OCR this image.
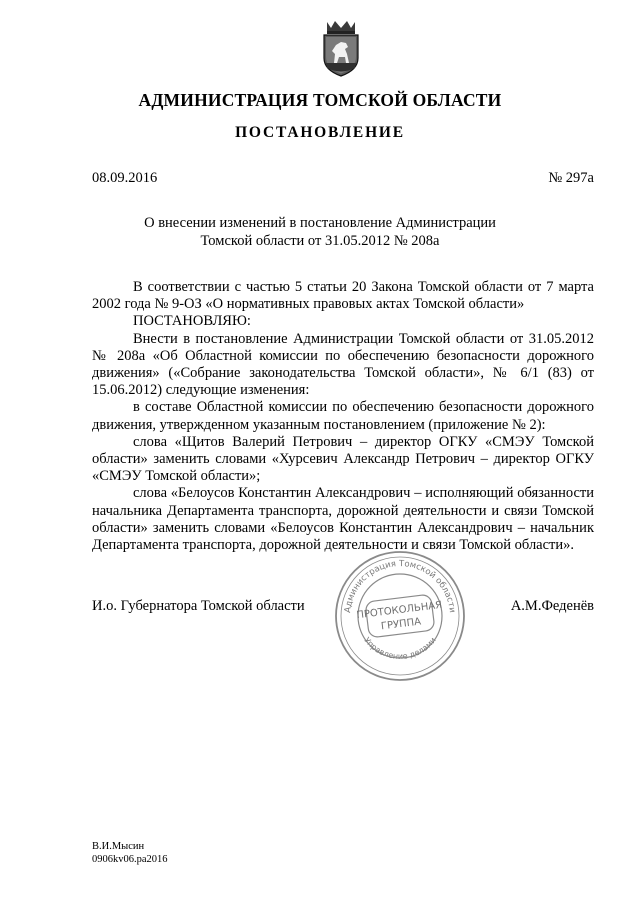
АДМИНИСТРАЦИЯ ТОМСКОЙ ОБЛАСТИ
ПОСТАНОВЛЕНИЕ
08.09.2016	№ 297а
О внесении изменений в постановление Администрации
Томской области от 31.05.2012 № 208а

В соответствии с частью 5 статьи 20 Закона Томской области от 7 марта 2002 года № 9-ОЗ «О нормативных правовых актах Томской области»

ПОСТАНОВЛЯЮ:

Внести в постановление Администрации Томской области от 31.05.2012 № 208а «Об Областной комиссии по обеспечению безопасности дорожного движения» («Собрание законодательства Томской области», № 6/1 (83) от 15.06.2012) следующие изменения:

в составе Областной комиссии по обеспечению безопасности дорожного движения, утвержденном указанным постановлением (приложение № 2):

слова «Щитов Валерий Петрович – директор ОГКУ «СМЭУ Томской области» заменить словами «Хурсевич Александр Петрович – директор ОГКУ «СМЭУ Томской области»;

слова «Белоусов Константин Александрович – исполняющий обязанности начальника Департамента транспорта, дорожной деятельности и связи Томской области» заменить словами «Белоусов Константин Александрович – начальник Департамента транспорта, дорожной деятельности и связи Томской области».

И.о. Губернатора Томской области	А.М.Феденёв
Администрация Томской области
Управление делами
ПРОТОКОЛЬНАЯ
ГРУППА
В.И.Мысин
0906kv06.ра2016
